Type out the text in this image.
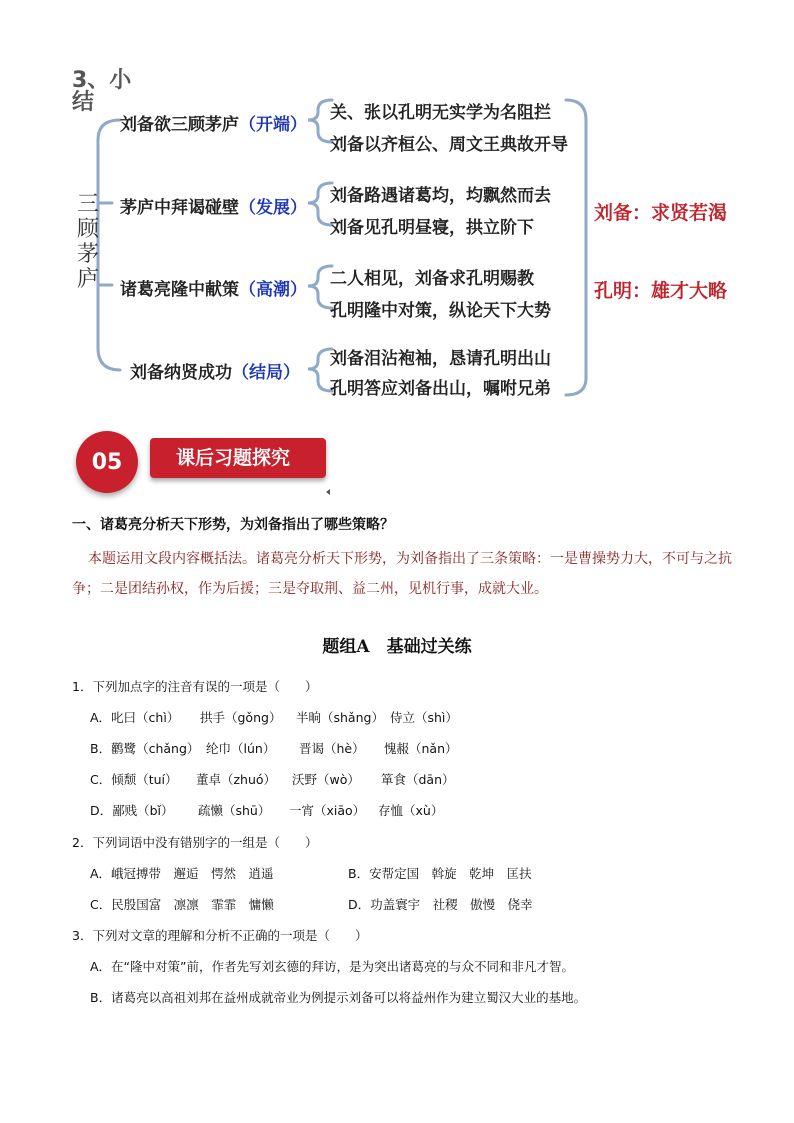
3、小结
三顾茅庐
刘备欲三顾茅庐（开端）
茅庐中拜谒碰壁（发展）
诸葛亮隆中献策（高潮）
刘备纳贤成功（结局）
关、张以孔明无实学为名阻拦
刘备以齐桓公、周文王典故开导
刘备路遇诸葛均，均飘然而去
刘备见孔明昼寝，拱立阶下
二人相见，刘备求孔明赐教
孔明隆中对策，纵论天下大势
刘备泪沾袍袖，恳请孔明出山
孔明答应刘备出山，嘱咐兄弟
刘备：求贤若渴
孔明：雄才大略
05	课后习题探究
一、诸葛亮分析天下形势，为刘备指出了哪些策略？
本题运用文段内容概括法。诸葛亮分析天下形势，为刘备指出了三条策略：一是曹操势力大，不可与之抗争；二是团结孙权，作为后援；三是夺取荆、益二州，见机行事，成就大业。
题组A　基础过关练
1．下列加点字的注音有误的一项是（　　）
A．叱曰（chì） 拱手（gǒng） 半晌（shǎng） 侍立（shì）
B．鹳鹭（chǎng） 纶巾（lún） 晋谒（hè） 愧赧（nǎn）
C．倾颓（tuí） 董卓（zhuó） 沃野（wò） 箪食（dān）
D．鄙贱（bǐ） 疏懒（shū） 一宵（xiāo） 存恤（xù）
2．下列词语中没有错别字的一组是（　　）
A．峨冠搏带　邂逅　愕然　逍遥	B．安帮定国　斡旋　乾坤　匡扶
C．民殷国富　凛凛　霏霏　慵懒	D．功盖寰宇　社稷　傲慢　侥幸
3．下列对文章的理解和分析不正确的一项是（　　）
A．在“隆中对策”前，作者先写刘玄德的拜访，是为突出诸葛亮的与众不同和非凡才智。
B．诸葛亮以高祖刘邦在益州成就帝业为例提示刘备可以将益州作为建立蜀汉大业的基地。
